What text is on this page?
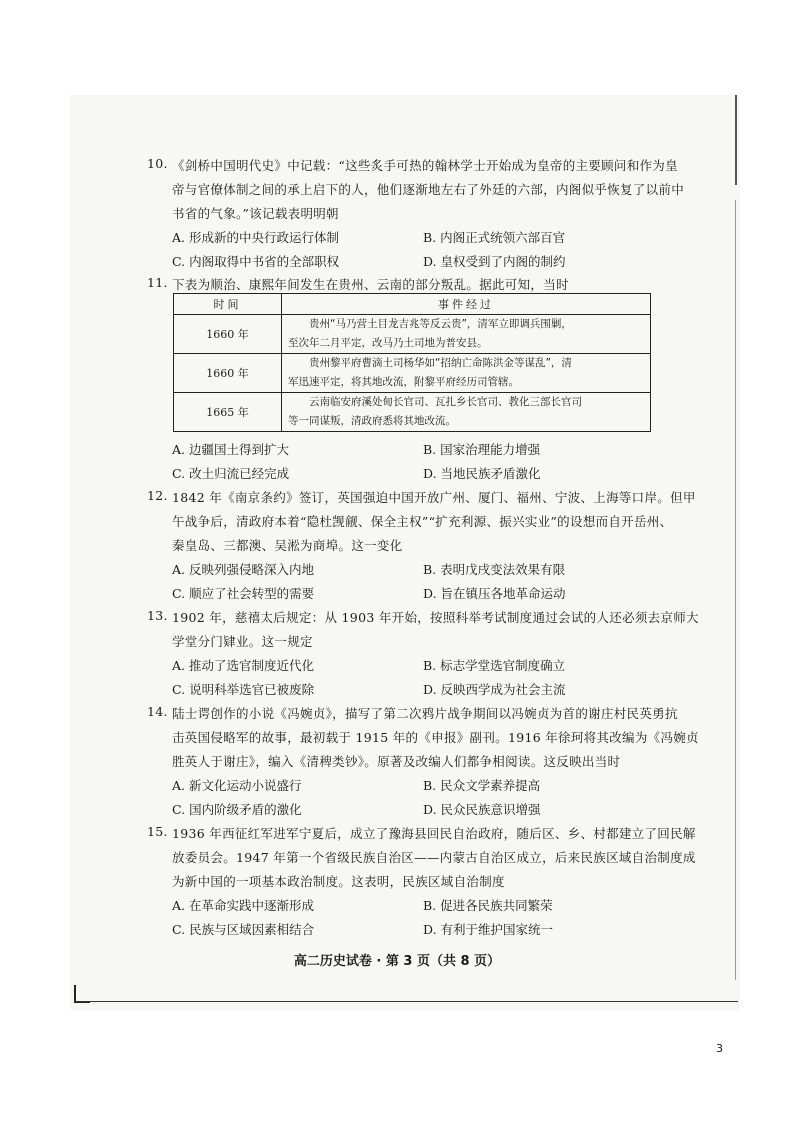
10. 《剑桥中国明代史》中记载：“这些炙手可热的翰林学士开始成为皇帝的主要顾问和作为皇
帝与官僚体制之间的承上启下的人，他们逐渐地左右了外廷的六部，内阁似乎恢复了以前中
书省的气象。”该记载表明明朝
A. 形成新的中央行政运行体制	B. 内阁正式统领六部百官
C. 内阁取得中书省的全部职权	D. 皇权受到了内阁的制约
11. 下表为顺治、康熙年间发生在贵州、云南的部分叛乱。据此可知，当时
时间	事件经过
1660 年	贵州“马乃营土目龙吉兆等反云贵”，清军立即调兵围剿，
至次年二月平定，改马乃土司地为普安县。

1660 年	贵州黎平府曹滴土司杨华如“招纳亡命陈洪金等谋乱”，清
军迅速平定，将其地改流，附黎平府经历司管辖。

1665 年	云南临安府溪处甸长官司、瓦扎乡长官司、教化三部长官司
等一同谋叛，清政府悉将其地改流。
A. 边疆国土得到扩大	B. 国家治理能力增强
C. 改土归流已经完成	D. 当地民族矛盾激化
12. 1842 年《南京条约》签订，英国强迫中国开放广州、厦门、福州、宁波、上海等口岸。但甲
午战争后，清政府本着“隐杜觊觎、保全主权”“扩充利源、振兴实业”的设想而自开岳州、
秦皇岛、三都澳、吴淞为商埠。这一变化
A. 反映列强侵略深入内地	B. 表明戊戌变法效果有限
C. 顺应了社会转型的需要	D. 旨在镇压各地革命运动
13. 1902 年，慈禧太后规定：从 1903 年开始，按照科举考试制度通过会试的人还必须去京师大
学堂分门肄业。这一规定
A. 推动了选官制度近代化	B. 标志学堂选官制度确立
C. 说明科举选官已被废除	D. 反映西学成为社会主流
14. 陆士谔创作的小说《冯婉贞》，描写了第二次鸦片战争期间以冯婉贞为首的谢庄村民英勇抗
击英国侵略军的故事，最初载于 1915 年的《申报》副刊。1916 年徐珂将其改编为《冯婉贞
胜英人于谢庄》，编入《清稗类钞》。原著及改编人们都争相阅读。这反映出当时
A. 新文化运动小说盛行	B. 民众文学素养提高
C. 国内阶级矛盾的激化	D. 民众民族意识增强
15. 1936 年西征红军进军宁夏后，成立了豫海县回民自治政府，随后区、乡、村都建立了回民解
放委员会。1947 年第一个省级民族自治区——内蒙古自治区成立，后来民族区域自治制度成
为新中国的一项基本政治制度。这表明，民族区域自治制度
A. 在革命实践中逐渐形成	B. 促进各民族共同繁荣
C. 民族与区域因素相结合	D. 有利于维护国家统一
高二历史试卷 · 第 3 页（共 8 页）
3
